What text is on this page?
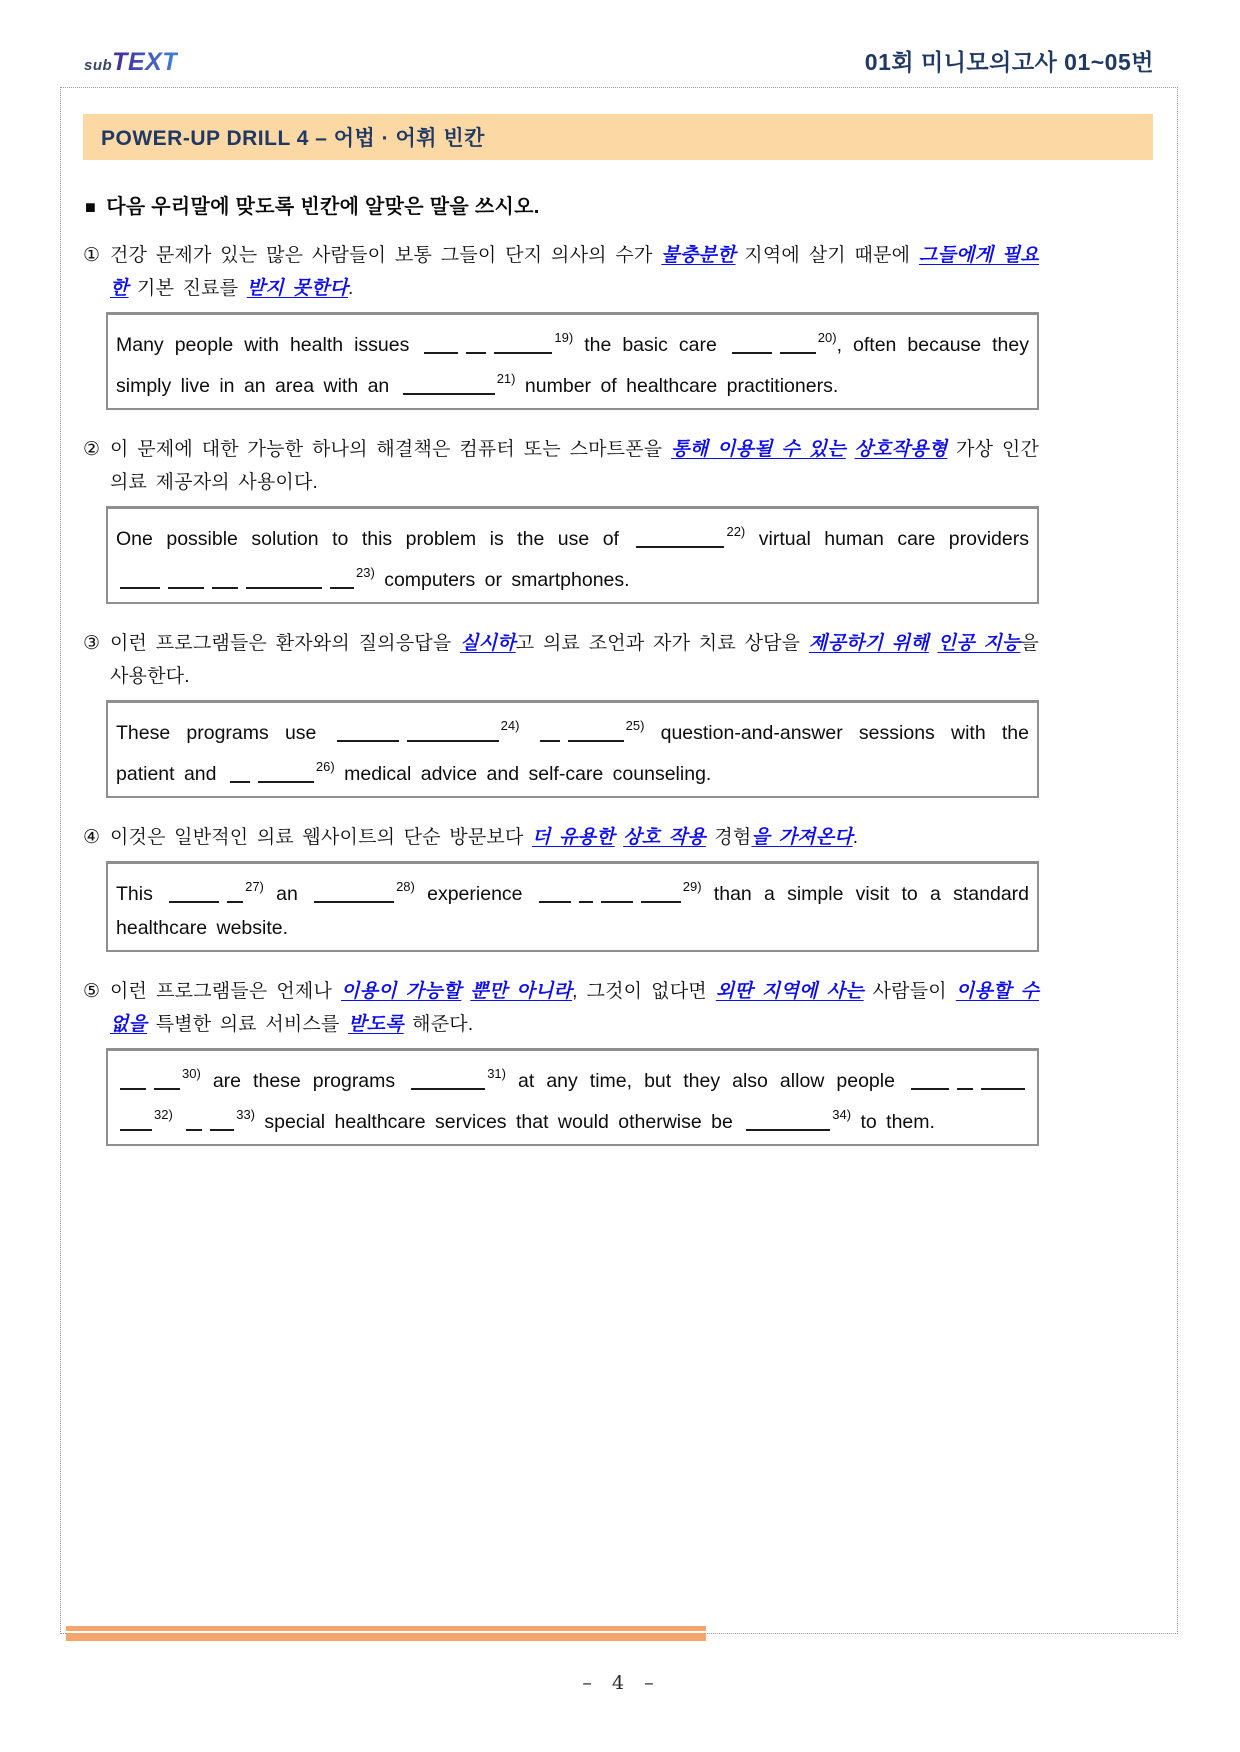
subTEXT	01회 미니모의고사 01~05번
POWER-UP DRILL 4 – 어법 · 어휘 빈칸
■ 다음 우리말에 맞도록 빈칸에 알맞은 말을 쓰시오.
① 건강 문제가 있는 많은 사람들이 보통 그들이 단지 의사의 수가 불충분한 지역에 살기 때문에 그들에게 필요한 기본 진료를 받지 못한다.
Many people with health issues	$^{19)}$ the basic care	$^{20)}$, often because they simply live in an area with an	$^{21)}$ number of healthcare practitioners.
② 이 문제에 대한 가능한 하나의 해결책은 컴퓨터 또는 스마트폰을 통해 이용될 수 있는 상호작용형 가상 인간 의료 제공자의 사용이다.
One possible solution to this problem is the use of	$^{22)}$ virtual human care providers $^{23)}$ computers or smartphones.
③ 이런 프로그램들은 환자와의 질의응답을 실시하고 의료 조언과 자가 치료 상담을 제공하기 위해 인공 지능을 사용한다.
These programs use	$^{24)}$	$^{25)}$ question-and-answer sessions with the patient and	$^{26)}$ medical advice and self-care counseling.
④ 이것은 일반적인 의료 웹사이트의 단순 방문보다 더 유용한 상호 작용 경험을 가져온다.
This	$^{27)}$ an	$^{28)}$ experience	$^{29)}$ than a simple visit to a standard healthcare website.
⑤ 이런 프로그램들은 언제나 이용이 가능할 뿐만 아니라, 그것이 없다면 외딴 지역에 사는 사람들이 이용할 수 없을 특별한 의료 서비스를 받도록 해준다.
$^{30)}$ are these programs	$^{31)}$ at any time, but they also allow people $^{32)}$	$^{33)}$ special healthcare services that would otherwise be	$^{34)}$ to them.
– 4 –
